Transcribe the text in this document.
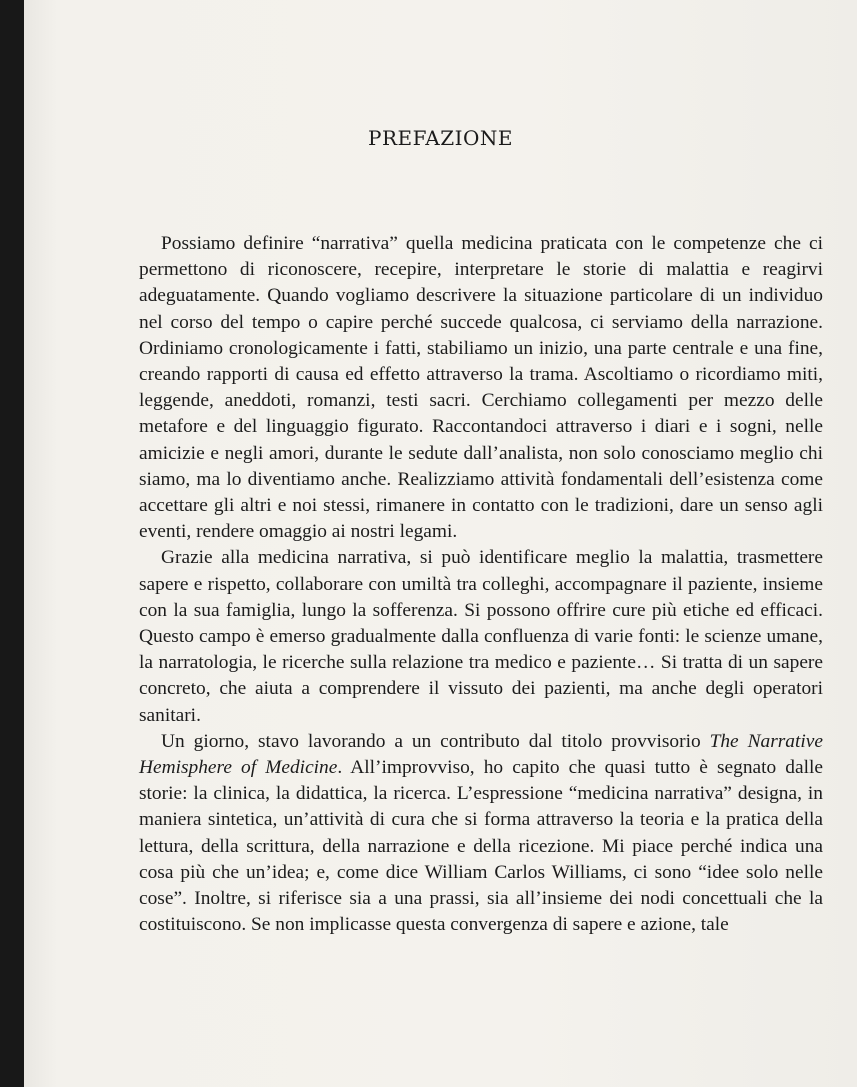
PREFAZIONE

Possiamo definire “narrativa” quella medicina praticata con le competenze che ci permettono di riconoscere, recepire, interpretare le storie di malattia e reagirvi adeguatamente. Quando vogliamo descrivere la situazione particolare di un individuo nel corso del tempo o capire perché succede qualcosa, ci serviamo della narrazione. Ordiniamo cronologicamente i fatti, stabiliamo un inizio, una parte centrale e una fine, creando rapporti di causa ed effetto attraverso la trama. Ascoltiamo o ricordiamo miti, leggende, aneddoti, romanzi, testi sacri. Cerchiamo collegamenti per mezzo delle metafore e del linguaggio figurato. Raccontandoci attraverso i diari e i sogni, nelle amicizie e negli amori, durante le sedute dall’analista, non solo conosciamo meglio chi siamo, ma lo diventiamo anche. Realizziamo attività fondamentali dell’esistenza come accettare gli altri e noi stessi, rimanere in contatto con le tradizioni, dare un senso agli eventi, rendere omaggio ai nostri legami.

Grazie alla medicina narrativa, si può identificare meglio la malattia, trasmettere sapere e rispetto, collaborare con umiltà tra colleghi, accompagnare il paziente, insieme con la sua famiglia, lungo la sofferenza. Si possono offrire cure più etiche ed efficaci. Questo campo è emerso gradualmente dalla confluenza di varie fonti: le scienze umane, la narratologia, le ricerche sulla relazione tra medico e paziente… Si tratta di un sapere concreto, che aiuta a comprendere il vissuto dei pazienti, ma anche degli operatori sanitari.

Un giorno, stavo lavorando a un contributo dal titolo provvisorio The Narrative Hemisphere of Medicine. All’improvviso, ho capito che quasi tutto è segnato dalle storie: la clinica, la didattica, la ricerca. L’espressione “medicina narrativa” designa, in maniera sintetica, un’attività di cura che si forma attraverso la teoria e la pratica della lettura, della scrittura, della narrazione e della ricezione. Mi piace perché indica una cosa più che un’idea; e, come dice William Carlos Williams, ci sono “idee solo nelle cose”. Inoltre, si riferisce sia a una prassi, sia all’insieme dei nodi concettuali che la costituiscono. Se non implicasse questa convergenza di sapere e azione, tale
